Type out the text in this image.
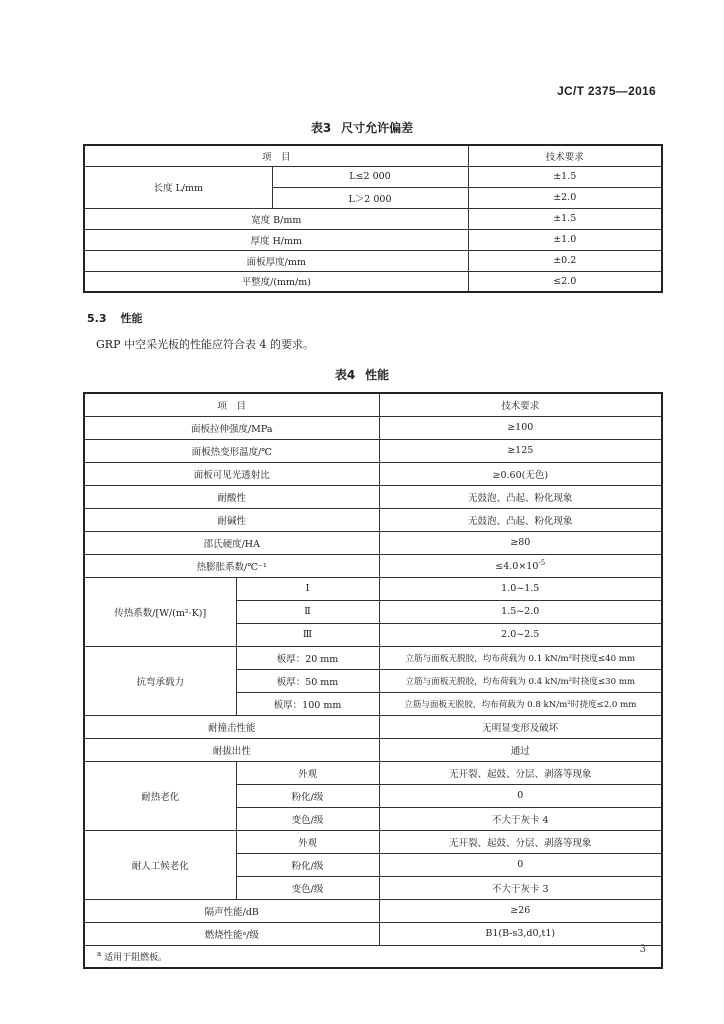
JC/T 2375—2016
表3 尺寸允许偏差
项　目		技术要求
长度 L/mm	L≤2 000	±1.5
	L＞2 000	±2.0
宽度 B/mm		±1.5
厚度 H/mm		±1.0
面板厚度/mm		±0.2
平整度/(mm/m)		≤2.0
5.3 性能
GRP 中空采光板的性能应符合表 4 的要求。
表4 性能
项　目		技术要求
面板拉伸强度/MPa		≥100
面板热变形温度/℃		≥125
面板可见光透射比		≥0.60(无色)
耐酸性		无鼓泡、凸起、粉化现象
耐碱性		无鼓泡、凸起、粉化现象
邵氏硬度/HA		≥80
热膨胀系数/℃⁻¹		$\le 4.0\times 10^{-5}$
传热系数/[W/(m²·K)]	Ⅰ	1.0~1.5
	Ⅱ	1.5~2.0
	Ⅲ	2.0~2.5
抗弯承载力	板厚：20 mm	立筋与面板无脱胶，均布荷载为 0.1 kN/m²时挠度≤40 mm
	板厚：50 mm	立筋与面板无脱胶，均布荷载为 0.4 kN/m²时挠度≤30 mm
	板厚：100 mm	立筋与面板无脱胶，均布荷载为 0.8 kN/m²时挠度≤2.0 mm
耐撞击性能		无明显变形及破坏
耐拔出性		通过
耐热老化	外观	无开裂、起鼓、分层、剥落等现象
	粉化/级	0
	变色/级	不大于灰卡 4
耐人工候老化	外观	无开裂、起鼓、分层、剥落等现象
	粉化/级	0
	变色/级	不大于灰卡 3
隔声性能/dB		≥26
燃烧性能ᵃ/级		B1(B-s3,d0,t1)
$^a$ 适用于阻燃板。		
3
